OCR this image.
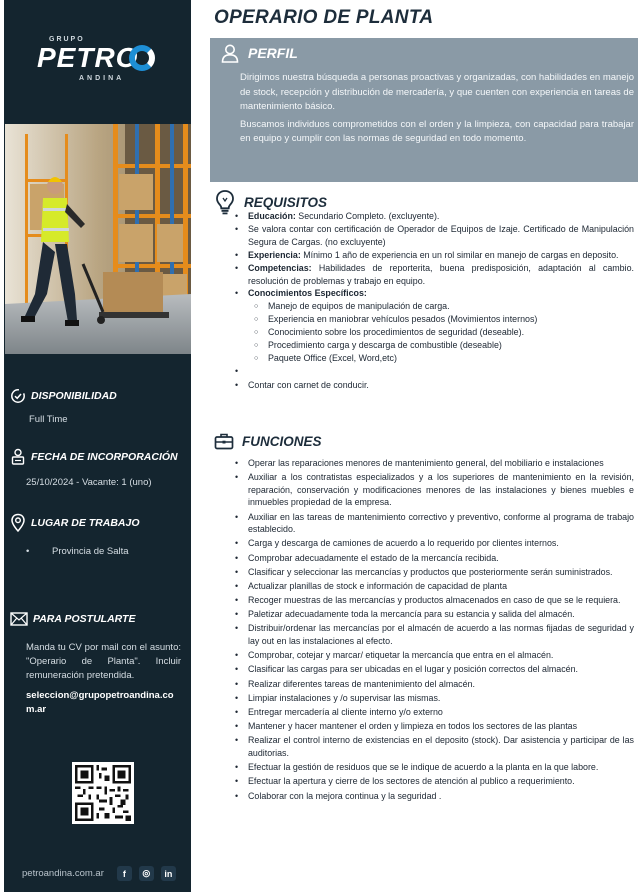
GRUPO
PETRO
ANDINA
DISPONIBILIDAD
Full Time
FECHA DE INCORPORACIÓN
25/10/2024 - Vacante: 1 (uno)
LUGAR DE TRABAJO
• Provincia de Salta
PARA POSTULARTE
Manda tu CV por mail con el asunto: "Operario de Planta". Incluir remuneración pretendida.
seleccion@grupopetroandina.com.ar
petroandina.com.ar	f	◎	in
OPERARIO DE PLANTA
PERFIL

Dirigimos nuestra búsqueda a personas proactivas y organizadas, con habilidades en manejo de stock, recepción y distribución de mercadería, y que cuenten con experiencia en tareas de mantenimiento básico.

Buscamos individuos comprometidos con el orden y la limpieza, con capacidad para trabajar en equipo y cumplir con las normas de seguridad en todo momento.

REQUISITOS
• Educación: Secundario Completo. (excluyente).
• Se valora contar con certificación de Operador de Equipos de Izaje. Certificado de Manipulación Segura de Cargas. (no excluyente)
• Experiencia: Mínimo 1 año de experiencia en un rol similar en manejo de cargas en deposito.
• Competencias: Habilidades de reporterita, buena predisposición, adaptación al cambio. resolución de problemas y trabajo en equipo.
• Conocimientos Específicos:
○ Manejo de equipos de manipulación de carga.
○ Experiencia en maniobrar vehículos pesados (Movimientos internos)
○ Conocimiento sobre los procedimientos de seguridad (deseable).
○ Procedimiento carga y descarga de combustible (deseable)
○ Paquete Office (Excel, Word,etc)
•
• Contar con carnet de conducir.
FUNCIONES
• Operar las reparaciones menores de mantenimiento general, del mobiliario e instalaciones
• Auxiliar a los contratistas especializados y a los superiores de mantenimiento en la revisión, reparación, conservación y modificaciones menores de las instalaciones y bienes muebles e inmuebles propiedad de la empresa.
• Auxiliar en las tareas de mantenimiento correctivo y preventivo, conforme al programa de trabajo establecido.
• Carga y descarga de camiones de acuerdo a lo requerido por clientes internos.
• Comprobar adecuadamente el estado de la mercancía recibida.
• Clasificar y seleccionar las mercancías y productos que posteriormente serán suministrados.
• Actualizar planillas de stock e información de capacidad de planta
• Recoger muestras de las mercancías y productos almacenados en caso de que se le requiera.
• Paletizar adecuadamente toda la mercancía para su estancia y salida del almacén.
• Distribuir/ordenar las mercancías por el almacén de acuerdo a las normas fijadas de seguridad y lay out en las instalaciones al efecto.
• Comprobar, cotejar y marcar/ etiquetar la mercancía que entra en el almacén.
• Clasificar las cargas para ser ubicadas en el lugar y posición correctos del almacén.
• Realizar diferentes tareas de mantenimiento del almacén.
• Limpiar instalaciones y /o supervisar las mismas.
• Entregar mercadería al cliente interno y/o externo
• Mantener y hacer mantener el orden y limpieza en todos los sectores de las plantas
• Realizar el control interno de existencias en el deposito (stock). Dar asistencia y participar de las auditorias.
• Efectuar la gestión de residuos que se le indique de acuerdo a la planta en la que labore.
• Efectuar la apertura y cierre de los sectores de atención al publico a requerimiento.
• Colaborar con la mejora continua y la seguridad .
